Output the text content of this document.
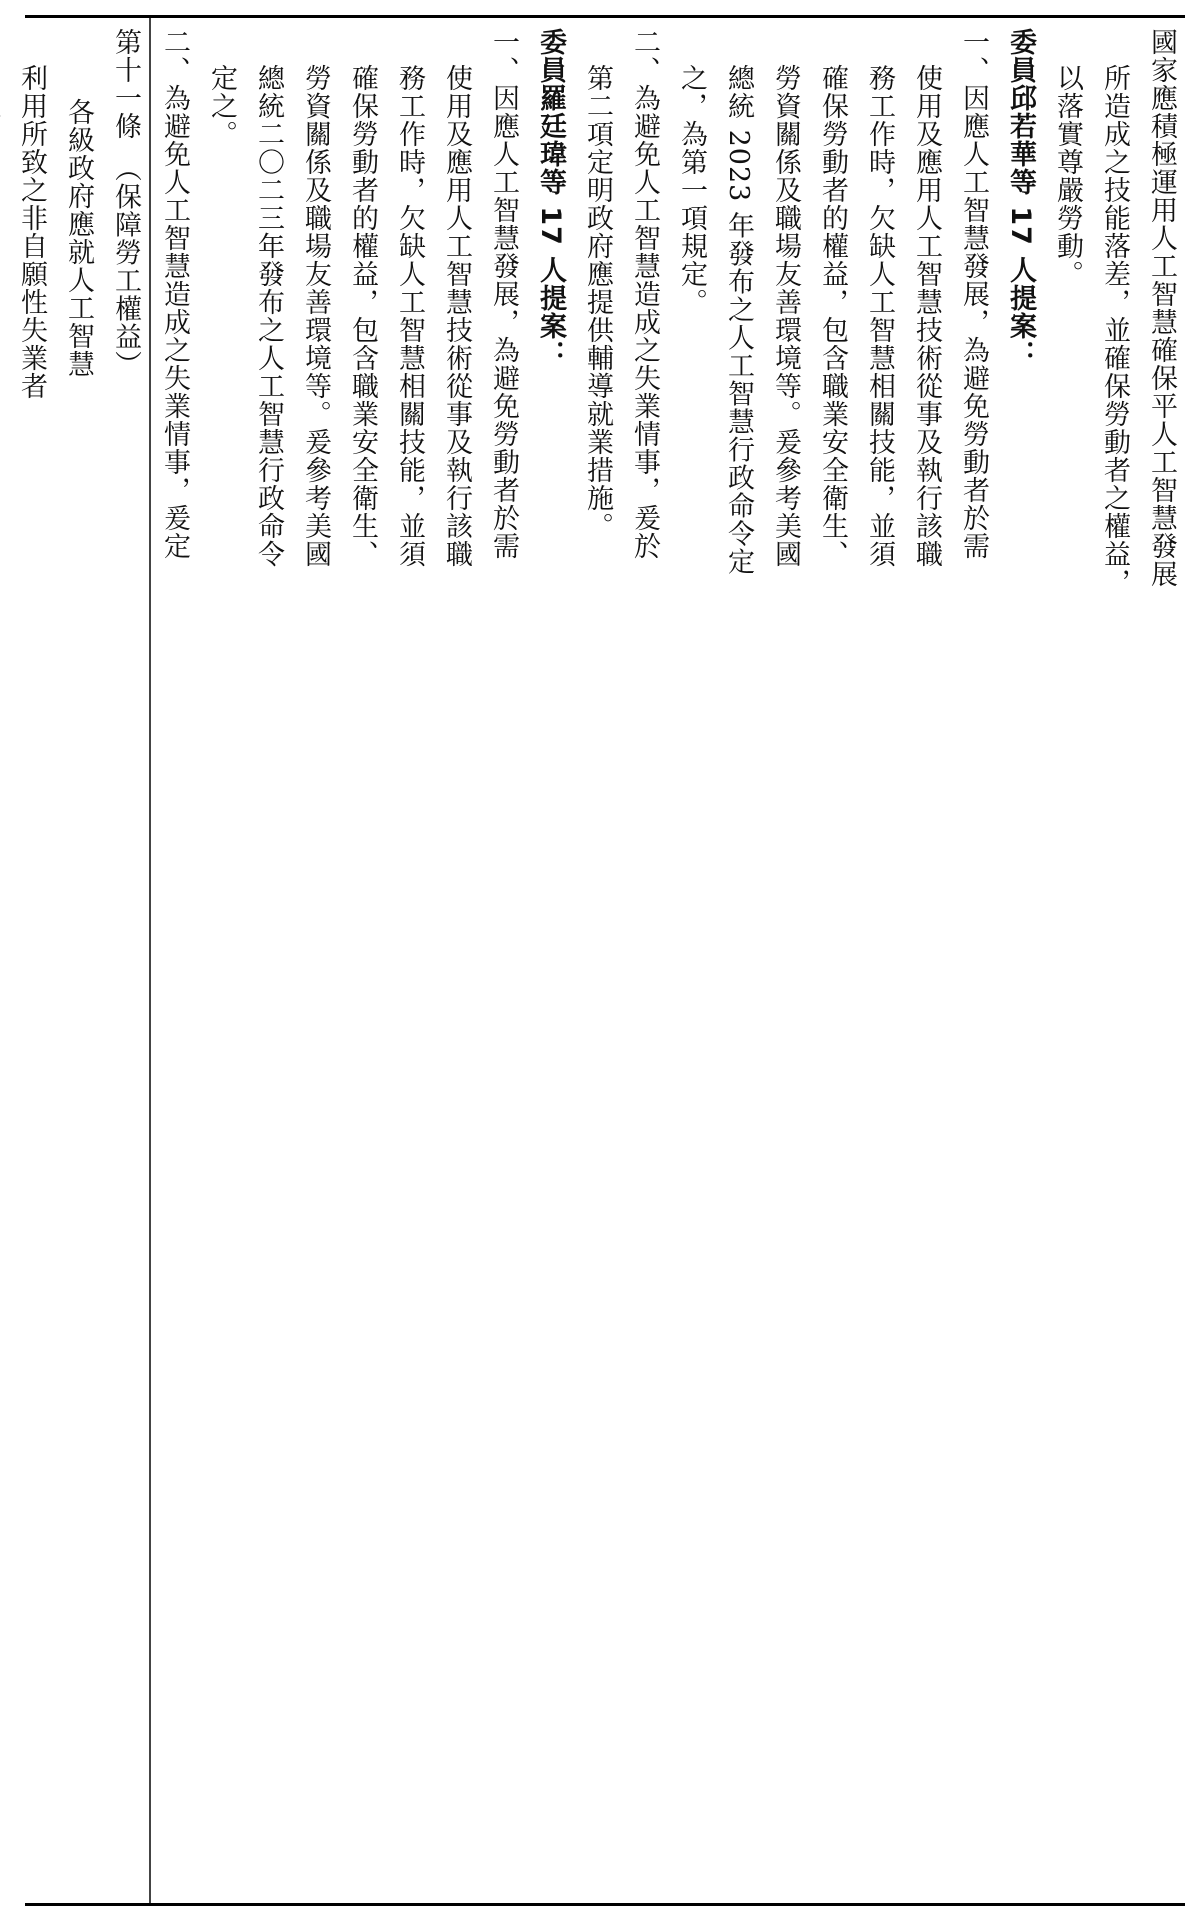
國家應積極運用人工智慧確保平人工智慧發展
所造成之技能落差，並確保勞動者之權益，
以落實尊嚴勞動。
委員邱若華等 17 人提案：
一、因應人工智慧發展，為避免勞動者於需
使用及應用人工智慧技術從事及執行該職
務工作時，欠缺人工智慧相關技能，並須
確保勞動者的權益，包含職業安全衛生、
勞資關係及職場友善環境等。爰參考美國
總統 2023 年發布之人工智慧行政命令定
之，為第一項規定。
二、為避免人工智慧造成之失業情事，爰於
第二項定明政府應提供輔導就業措施。
委員羅廷瑋等 17 人提案：
一、因應人工智慧發展，為避免勞動者於需
使用及應用人工智慧技術從事及執行該職
務工作時，欠缺人工智慧相關技能，並須
確保勞動者的權益，包含職業安全衛生、
勞資關係及職場友善環境等。爰參考美國
總統二〇二三年發布之人工智慧行政命令
定之。
二、為避免人工智慧造成之失業情事，爰定
第十一條　（保障勞工權益）
各級政府應就人工智慧
利用所致之非自願性失業者
